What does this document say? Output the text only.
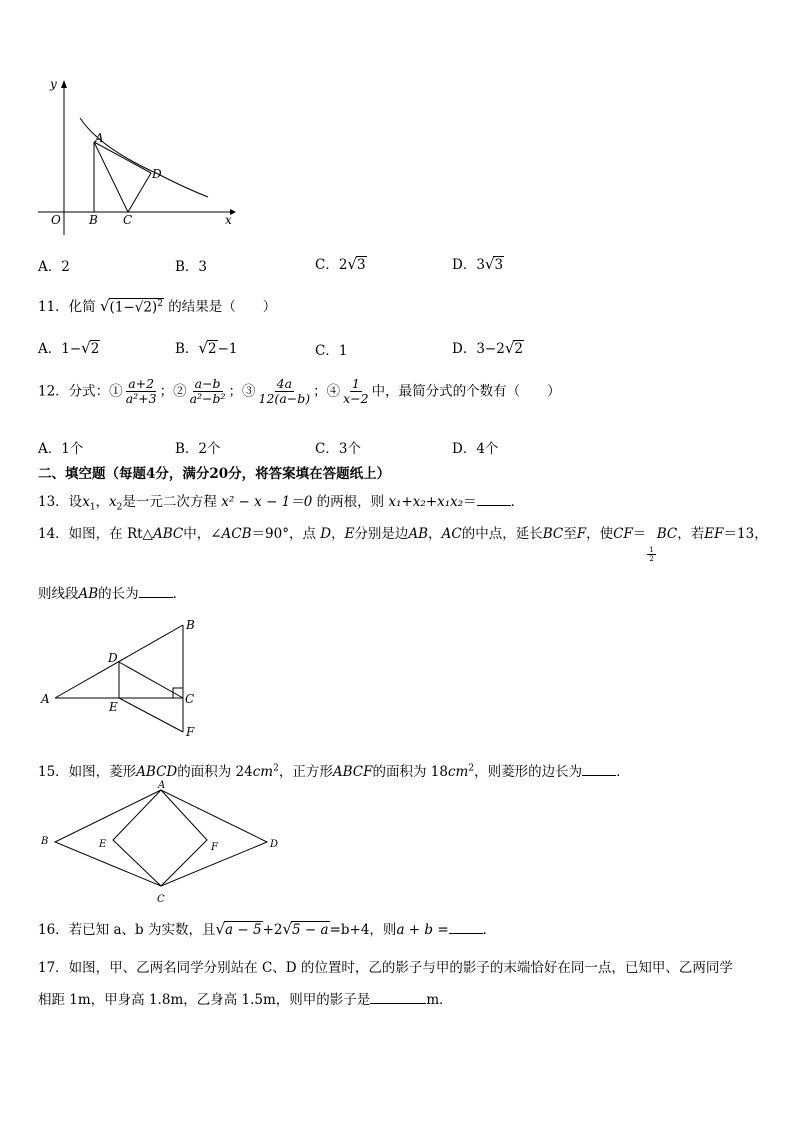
y
O B C	x
A
D
A．2	B．3	C．2√3	D．3√3
11．化简 $√(1-√2)^2$ 的结果是（　　）
A．1−√2	B．√2−1	C．1	D．3−2√2
12．分式：① $\frac{a+2}{\text{a²+3}}$ ；② $\frac{a-b}{\text{a²−b²}}$ ；③ $\frac{4a}{12(a-b)}$ ；④ $\frac{1}{x-2}$ 中，最简分式的个数有（　　）
A．1个	B．2个	C．3个	D．4个
二、填空题（每题4分，满分20分，将答案填在答题纸上）
13．设$x_1$，$x_2$是一元二次方程 x² − x − 1＝0 的两根，则 x₁+x₂+x₁x₂＝	．
14．如图，在 Rt△ABC中，∠ACB＝90°，点 D，E分别是边AB，AC的中点，延长BC至F，使CF＝
$\frac{1}{2}$
BC，若EF＝13，
则线段AB的长为	．
A
B
C
D
E
F
15．如图，菱形ABCD的面积为 $24cm^2$，正方形ABCF的面积为 $18cm^2$，则菱形的边长为	．
A
B
C
D
E	F
16．若已知 a、b 为实数，且√a − 5+2√5 − a=b+4，则a + b =	．
17．如图，甲、乙两名同学分别站在 C、D 的位置时，乙的影子与甲的影子的末端恰好在同一点，已知甲、乙两同学
相距 1m，甲身高 1.8m，乙身高 1.5m，则甲的影子是	m．
